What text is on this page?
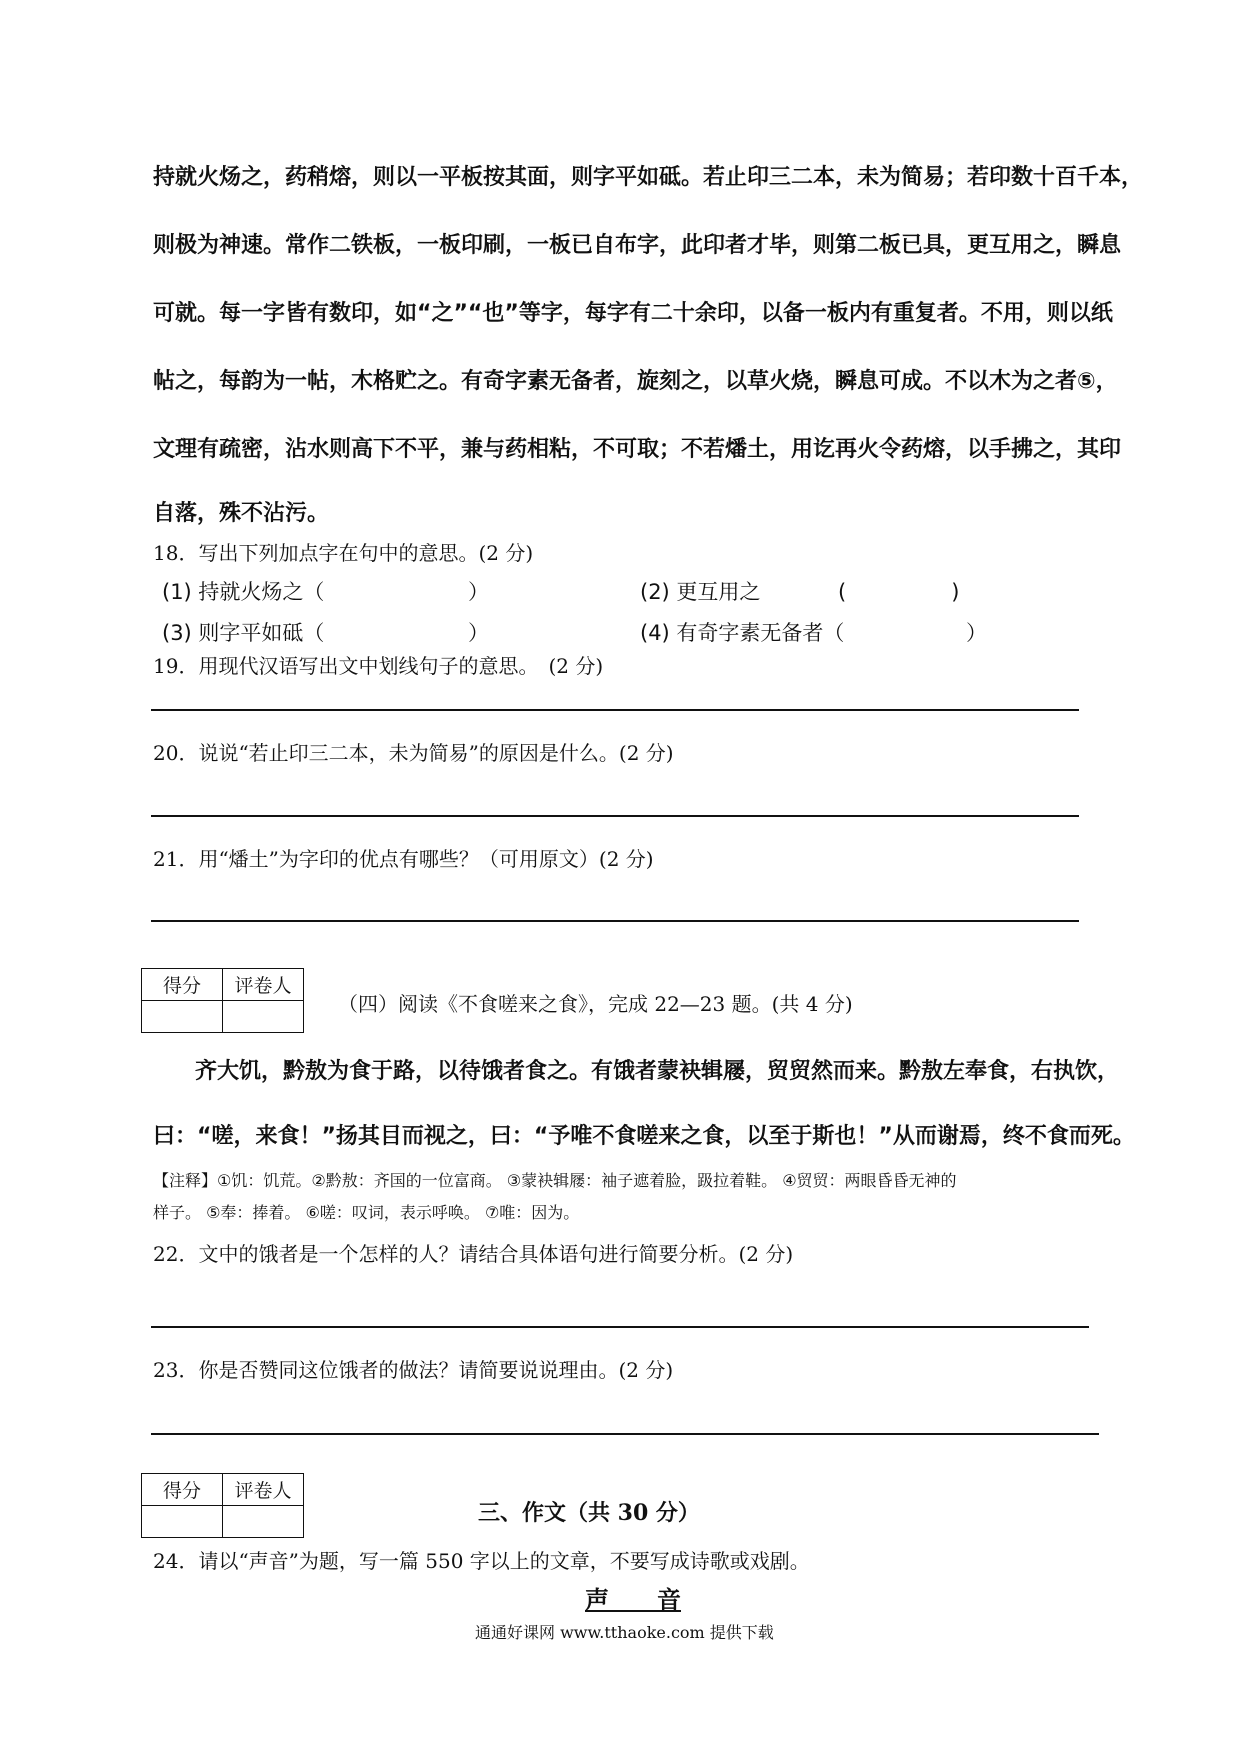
持就火炀之，药稍熔，则以一平板按其面，则字平如砥。若止印三二本，未为简易；若印数十百千本，
则极为神速。常作二铁板，一板印刷，一板已自布字，此印者才毕，则第二板已具，更互用之，瞬息
可就。每一字皆有数印，如“之”“也”等字，每字有二十余印，以备一板内有重复者。不用，则以纸
帖之，每韵为一帖，木格贮之。有奇字素无备者，旋刻之，以草火烧，瞬息可成。不以木为之者⑤，
文理有疏密，沾水则高下不平，兼与药相粘，不可取；不若燔土，用讫再火令药熔，以手拂之，其印
自落，殊不沾污。
18．写出下列加点字在句中的意思。(2 分)
(1) 持就火炀之（	）	(2) 更互用之	(　　　　　)
(3) 则字平如砥（	）	(4) 有奇字素无备者（	）
19．用现代汉语写出文中划线句子的意思。　(2 分)
20．说说“若止印三二本，未为简易”的原因是什么。(2 分)
21．用“燔土”为字印的优点有哪些？（可用原文）(2 分)
得分	评卷人

（四）阅读《不食嗟来之食》，完成 22—23 题。(共 4 分)
齐大饥，黔敖为食于路，以待饿者食之。有饿者蒙袂辑屦，贸贸然而来。黔敖左奉食，右执饮，
曰：“嗟，来食！”扬其目而视之，曰：“予唯不食嗟来之食，以至于斯也！”从而谢焉，终不食而死。
【注释】①饥：饥荒。②黔敖：齐国的一位富商。 ③蒙袂辑屦：袖子遮着脸，趿拉着鞋。 ④贸贸：两眼昏昏无神的
样子。 ⑤奉：捧着。 ⑥嗟：叹词，表示呼唤。 ⑦唯：因为。
22．文中的饿者是一个怎样的人？请结合具体语句进行简要分析。(2 分)
23．你是否赞同这位饿者的做法？请简要说说理由。(2 分)
得分	评卷人

三、作文（共 30 分）
24．请以“声音”为题，写一篇 550 字以上的文章，不要写成诗歌或戏剧。
声　　音
通通好课网 www.tthaoke.com 提供下载
